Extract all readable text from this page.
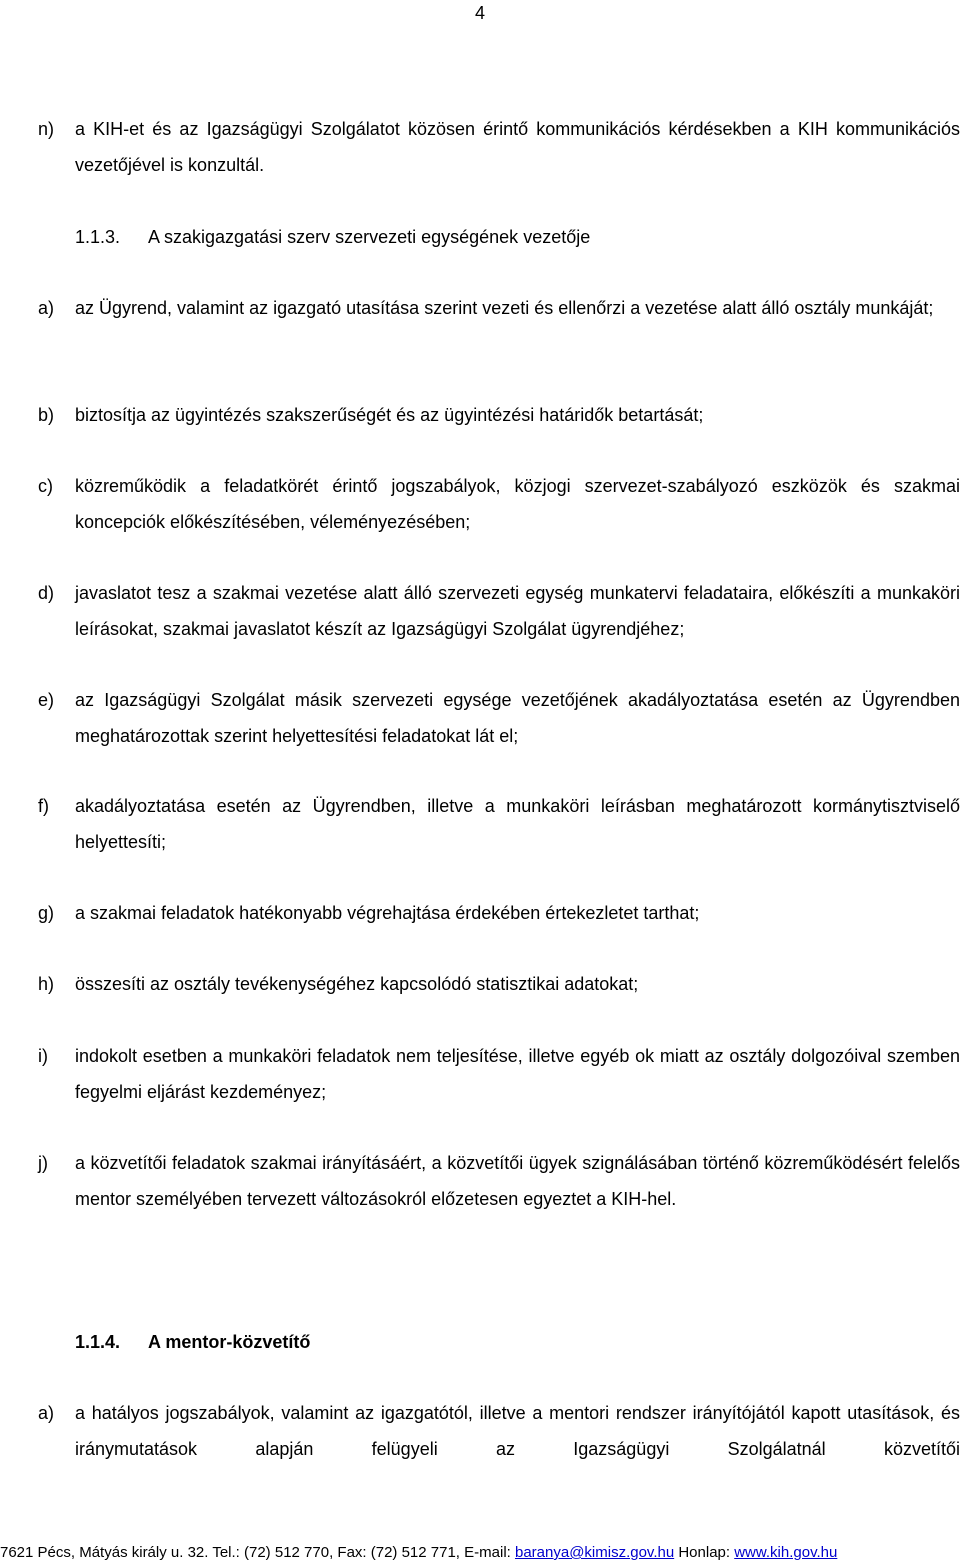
4
n) a KIH-et és az Igazságügyi Szolgálatot közösen érintő kommunikációs kérdésekben a KIH kommunikációs vezetőjével is konzultál.
1.1.3. A szakigazgatási szerv szervezeti egységének vezetője
a) az Ügyrend, valamint az igazgató utasítása szerint vezeti és ellenőrzi a vezetése alatt álló osztály munkáját;
b) biztosítja az ügyintézés szakszerűségét és az ügyintézési határidők betartását;
c) közreműködik a feladatkörét érintő jogszabályok, közjogi szervezet-szabályozó eszközök és szakmai koncepciók előkészítésében, véleményezésében;
d) javaslatot tesz a szakmai vezetése alatt álló szervezeti egység munkatervi feladataira, előkészíti a munkaköri leírásokat, szakmai javaslatot készít az Igazságügyi Szolgálat ügyrendjéhez;
e) az Igazságügyi Szolgálat másik szervezeti egysége vezetőjének akadályoztatása esetén az Ügyrendben meghatározottak szerint helyettesítési feladatokat lát el;
f) akadályoztatása esetén az Ügyrendben, illetve a munkaköri leírásban meghatározott kormánytisztviselő helyettesíti;
g) a szakmai feladatok hatékonyabb végrehajtása érdekében értekezletet tarthat;
h) összesíti az osztály tevékenységéhez kapcsolódó statisztikai adatokat;
i) indokolt esetben a munkaköri feladatok nem teljesítése, illetve egyéb ok miatt az osztály dolgozóival szemben fegyelmi eljárást kezdeményez;
j) a közvetítői feladatok szakmai irányításáért, a közvetítői ügyek szignálásában történő közreműködésért felelős mentor személyében tervezett változásokról előzetesen egyeztet a KIH-hel.
1.1.4. A mentor-közvetítő
a) a hatályos jogszabályok, valamint az igazgatótól, illetve a mentori rendszer irányítójától kapott utasítások, és iránymutatások alapján felügyeli az Igazságügyi Szolgálatnál közvetítői
7621 Pécs, Mátyás király u. 32. Tel.: (72) 512 770, Fax: (72) 512 771, E-mail: baranya@kimisz.gov.hu Honlap: www.kih.gov.hu
